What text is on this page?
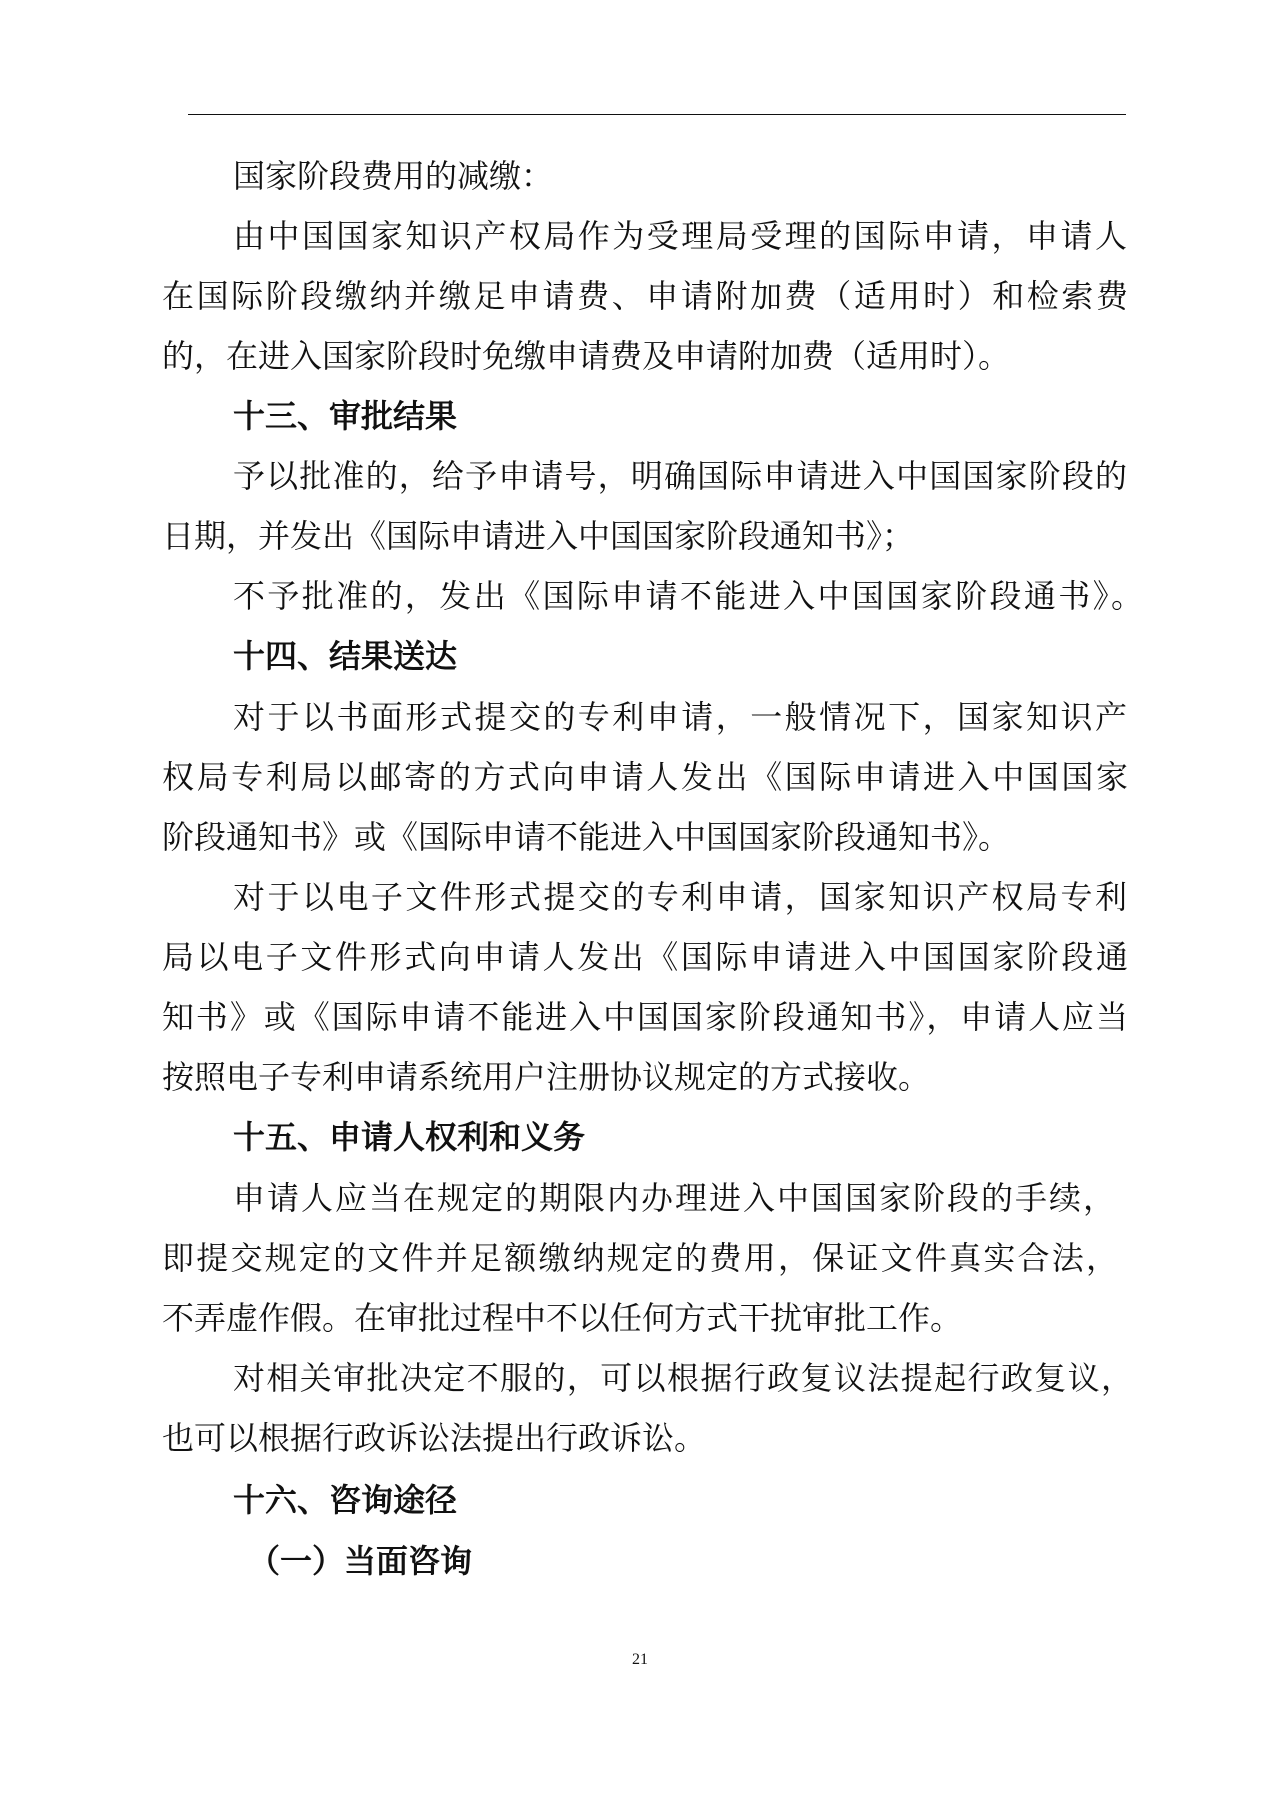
国家阶段费用的减缴：
由中国国家知识产权局作为受理局受理的国际申请，申请人
在国际阶段缴纳并缴足申请费、申请附加费（适用时）和检索费
的，在进入国家阶段时免缴申请费及申请附加费（适用时）。
十三、审批结果
予以批准的，给予申请号，明确国际申请进入中国国家阶段的
日期，并发出《国际申请进入中国国家阶段通知书》；
不予批准的，发出《国际申请不能进入中国国家阶段通书》。
十四、结果送达
对于以书面形式提交的专利申请，一般情况下，国家知识产
权局专利局以邮寄的方式向申请人发出《国际申请进入中国国家
阶段通知书》或《国际申请不能进入中国国家阶段通知书》。
对于以电子文件形式提交的专利申请，国家知识产权局专利
局以电子文件形式向申请人发出《国际申请进入中国国家阶段通
知书》或《国际申请不能进入中国国家阶段通知书》，申请人应当
按照电子专利申请系统用户注册协议规定的方式接收。
十五、申请人权利和义务
申请人应当在规定的期限内办理进入中国国家阶段的手续，
即提交规定的文件并足额缴纳规定的费用，保证文件真实合法，
不弄虚作假。在审批过程中不以任何方式干扰审批工作。
对相关审批决定不服的，可以根据行政复议法提起行政复议，
也可以根据行政诉讼法提出行政诉讼。
十六、咨询途径
（一）当面咨询
21
